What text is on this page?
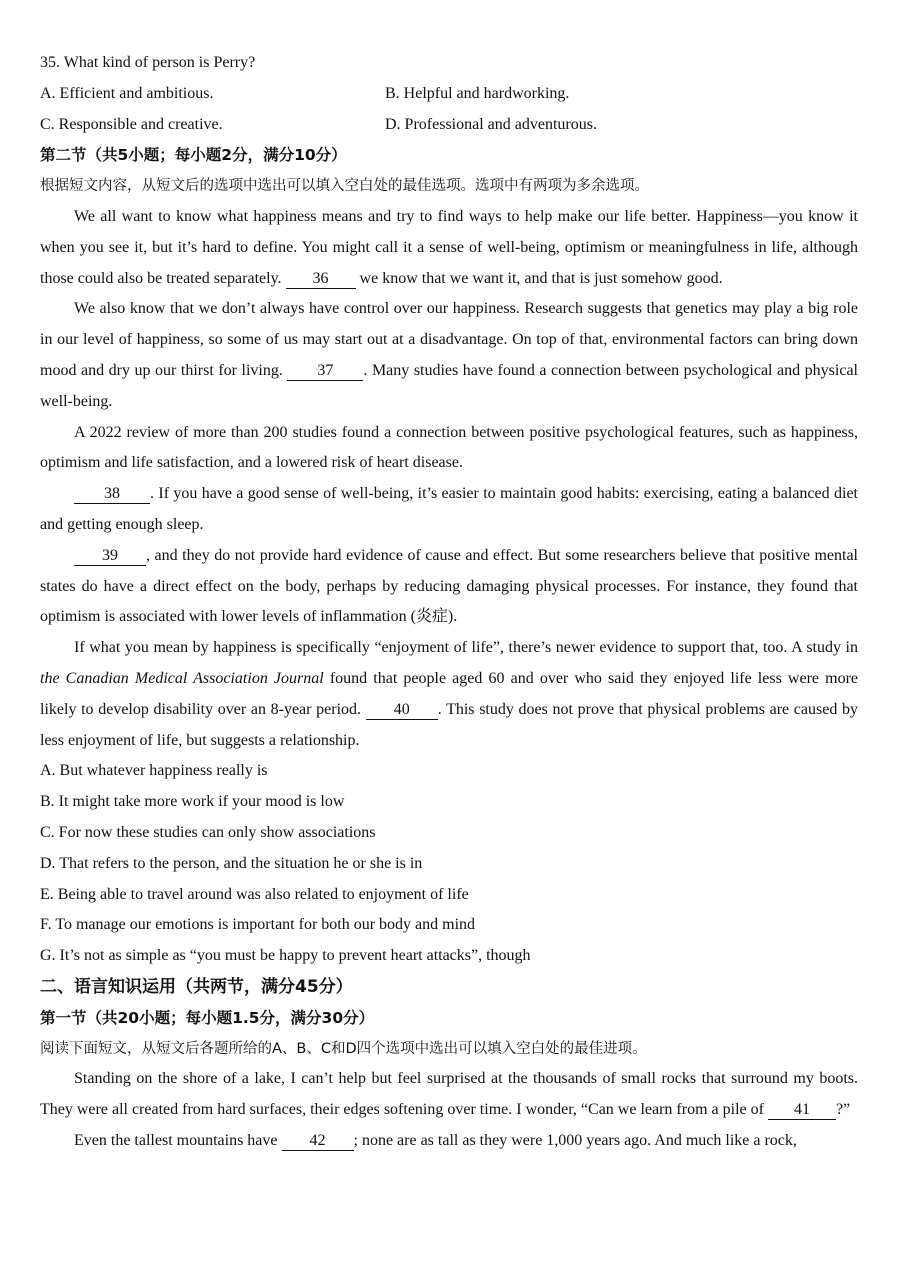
35. What kind of person is Perry?
A. Efficient and ambitious.	B. Helpful and hardworking.
C. Responsible and creative.	D. Professional and adventurous.
第二节（共5小题；每小题2分，满分10分）
根据短文内容，从短文后的选项中选出可以填入空白处的最佳选项。选项中有两项为多余选项。

We all want to know what happiness means and try to find ways to help make our life better. Happiness—you know it when you see it, but it’s hard to define. You might call it a sense of well-being, optimism or meaningfulness in life, although those could also be treated separately. 36 we know that we want it, and that is just somehow good.

We also know that we don’t always have control over our happiness. Research suggests that genetics may play a big role in our level of happiness, so some of us may start out at a disadvantage. On top of that, environmental factors can bring down mood and dry up our thirst for living. 37 . Many studies have found a connection between psychological and physical well-being.

A 2022 review of more than 200 studies found a connection between positive psychological features, such as happiness, optimism and life satisfaction, and a lowered risk of heart disease.

38 . If you have a good sense of well-being, it’s easier to maintain good habits: exercising, eating a balanced diet and getting enough sleep.

39 , and they do not provide hard evidence of cause and effect. But some researchers believe that positive mental states do have a direct effect on the body, perhaps by reducing damaging physical processes. For instance, they found that optimism is associated with lower levels of inflammation (炎症).

If what you mean by happiness is specifically “enjoyment of life”, there’s newer evidence to support that, too. A study in the Canadian Medical Association Journal found that people aged 60 and over who said they enjoyed life less were more likely to develop disability over an 8-year period. 40 . This study does not prove that physical problems are caused by less enjoyment of life, but suggests a relationship.

A. But whatever happiness really is
B. It might take more work if your mood is low
C. For now these studies can only show associations
D. That refers to the person, and the situation he or she is in
E. Being able to travel around was also related to enjoyment of life
F. To manage our emotions is important for both our body and mind
G. It’s not as simple as “you must be happy to prevent heart attacks”, though
二、语言知识运用（共两节，满分45分）
第一节（共20小题；每小题1.5分，满分30分）
阅读下面短文，从短文后各题所给的A、B、C和D四个选项中选出可以填入空白处的最佳进项。

Standing on the shore of a lake, I can’t help but feel surprised at the thousands of small rocks that surround my boots. They were all created from hard surfaces, their edges softening over time. I wonder, “Can we learn from a pile of 41 ?”

Even the tallest mountains have 42 ; none are as tall as they were 1,000 years ago. And much like a rock,
